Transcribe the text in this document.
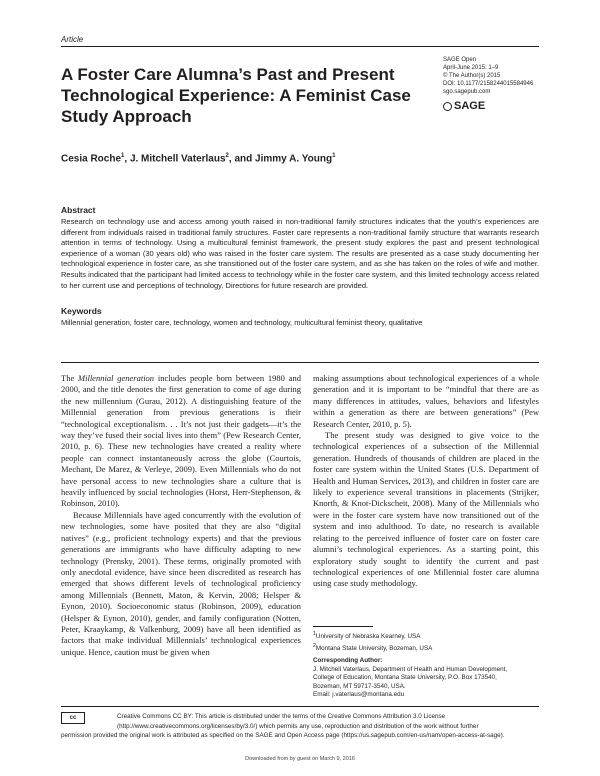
Article
A Foster Care Alumna’s Past and Present Technological Experience: A Feminist Case Study Approach
SAGE Open
April-June 2015: 1–9
© The Author(s) 2015
DOI: 10.1177/2158244015584946
sgo.sagepub.com
SAGE
Cesia Roche$^1$, J. Mitchell Vaterlaus$^2$, and Jimmy A. Young$^1$
Abstract

Research on technology use and access among youth raised in non-traditional family structures indicates that the youth’s experiences are different from individuals raised in traditional family structures. Foster care represents a non-traditional family structure that warrants research attention in terms of technology. Using a multicultural feminist framework, the present study explores the past and present technological experience of a woman (30 years old) who was raised in the foster care system. The results are presented as a case study documenting her technological experience in foster care, as she transitioned out of the foster care system, and as she has taken on the roles of wife and mother. Results indicated that the participant had limited access to technology while in the foster care system, and this limited technology access related to her current use and perceptions of technology. Directions for future research are provided.

Keywords

Millennial generation, foster care, technology, women and technology, multicultural feminist theory, qualitative

The Millennial generation includes people born between 1980 and 2000, and the title denotes the first generation to come of age during the new millennium (Gurau, 2012). A distinguishing feature of the Millennial generation from previous generations is their “technological exceptionalism. . . It’s not just their gadgets—it’s the way they’ve fused their social lives into them” (Pew Research Center, 2010, p. 6). These new technologies have created a reality where people can connect instantaneously across the globe (Courtois, Mechant, De Marez, & Verleye, 2009). Even Millennials who do not have personal access to new technologies share a culture that is heavily influenced by social technologies (Horst, Herr-Stephenson, & Robinson, 2010).

Because Millennials have aged concurrently with the evolution of new technologies, some have posited that they are also “digital natives” (e.g., proficient technology experts) and that the previous generations are immigrants who have difficulty adapting to new technology (Prensky, 2001). These terms, originally promoted with only anecdotal evidence, have since been discredited as research has emerged that shows different levels of technological proficiency among Millennials (Bennett, Maton, & Kervin, 2008; Helsper & Eynon, 2010). Socioeconomic status (Robinson, 2009), education (Helsper & Eynon, 2010), gender, and family configuration (Notten, Peter, Kraaykamp, & Valkenburg, 2009) have all been identified as factors that make individual Millennials’ technological experiences unique. Hence, caution must be given when

making assumptions about technological experiences of a whole generation and it is important to be “mindful that there are as many differences in attitudes, values, behaviors and lifestyles within a generation as there are between generations” (Pew Research Center, 2010, p. 5).

The present study was designed to give voice to the technological experiences of a subsection of the Millennial generation. Hundreds of thousands of children are placed in the foster care system within the United States (U.S. Department of Health and Human Services, 2013), and children in foster care are likely to experience several transitions in placements (Strijker, Knorth, & Knot-Dickscheit, 2008). Many of the Millennials who were in the foster care system have now transitioned out of the system and into adulthood. To date, no research is available relating to the perceived influence of foster care on foster care alumni’s technological experiences. As a starting point, this exploratory study sought to identify the current and past technological experiences of one Millennial foster care alumna using case study methodology.

$^1$University of Nebraska Kearney, USA
$^2$Montana State University, Bozeman, USA
Corresponding Author:
J. Mitchell Vaterlaus, Department of Health and Human Development,
College of Education, Montana State University, P.O. Box 173540,
Bozeman, MT 59717-3540, USA.
Email: j.vaterlaus@montana.edu
cc	Creative Commons CC BY: This article is distributed under the terms of the Creative Commons Attribution 3.0 License
(http://www.creativecommons.org/licenses/by/3.0/) which permits any use, reproduction and distribution of the work without further
permission provided the original work is attributed as specified on the SAGE and Open Access page (https://us.sagepub.com/en-us/nam/open-access-at-sage).
Downloaded from by guest on March 9, 2016
